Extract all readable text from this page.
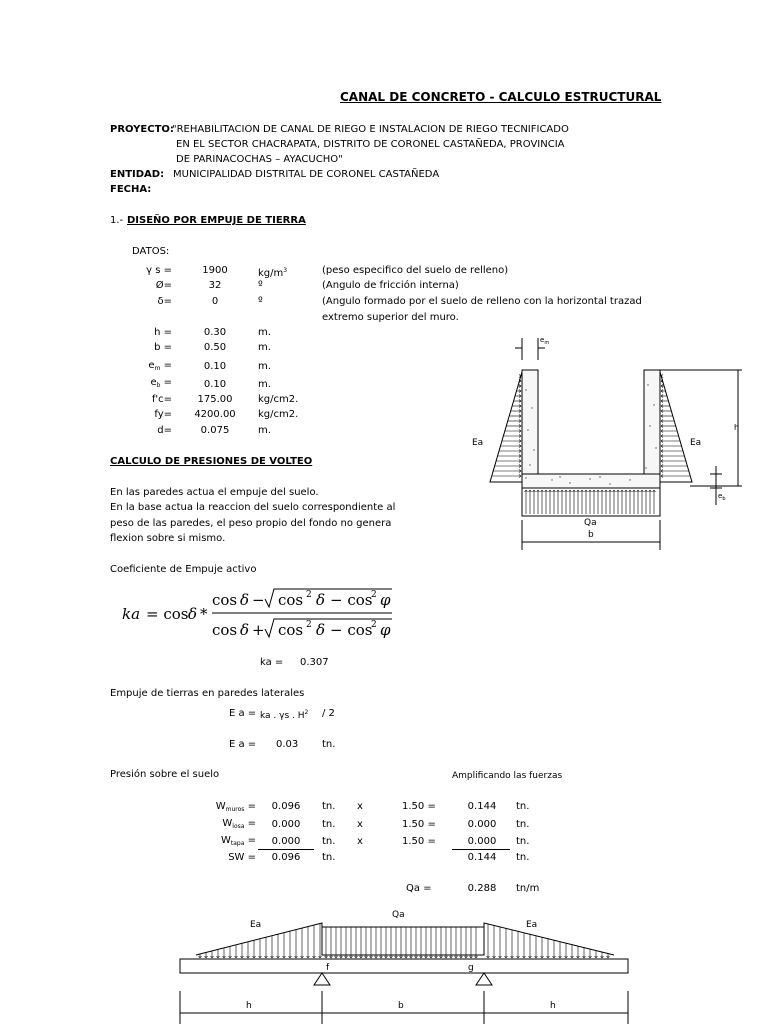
CANAL DE CONCRETO - CALCULO ESTRUCTURAL
PROYECTO:
"REHABILITACION DE CANAL DE RIEGO E INSTALACION DE RIEGO TECNIFICADO
EN EL SECTOR CHACRAPATA, DISTRITO DE CORONEL CASTAÑEDA, PROVINCIA
DE PARINACOCHAS – AYACUCHO"
ENTIDAD: MUNICIPALIDAD DISTRITAL DE CORONEL CASTAÑEDA
FECHA:
1.- DISEÑO POR EMPUJE DE TIERRA
DATOS:
γ s =	1900	$kg/m^3$	(peso especifico del suelo de relleno)
Ø=	32	º	(Angulo de fricción interna)
δ=	0	º	(Angulo formado por el suelo de relleno con la horizontal trazad
extremo superior del muro.
h =	0.30	m.
b =	0.50	m.
$e_m$ =	0.10	m.
$e_b$ =	0.10	m.
f'c=	175.00	kg/cm2.
fy=	4200.00	kg/cm2.
d=	0.075	m.
$e_m$
h
Ea	Ea
$e_b$
Qa
b
CALCULO DE PRESIONES DE VOLTEO
En las paredes actua el empuje del suelo.
En la base actua la reaccion del suelo correspondiente al
peso de las paredes, el peso propio del fondo no genera
flexion sobre si mismo.
Coeficiente de Empuje activo
ka = cos δ *
cos δ −
cos δ +
cos 2 δ − cos
2 φ
cos 2 δ − cos
2 φ
ka = 0.307
Empuje de tierras en paredes laterales
E a = ka . γs . $H^2 / 2$
E a = 0.03 tn.
Presión sobre el suelo	Amplificando las fuerzas
$W_{muros}$ =	0.096	tn. x	1.50 =	0.144	tn.
$W_{losa}$ =	0.000	tn. x	1.50 =	0.000	tn.
$W_{tapa}$ =	0.000	tn. x	1.50 =	0.000	tn.
SW =	0.096	tn.	0.144	tn.
Qa =	0.288	tn/m
Ea
Qa
Ea
f	g
h	b	h
